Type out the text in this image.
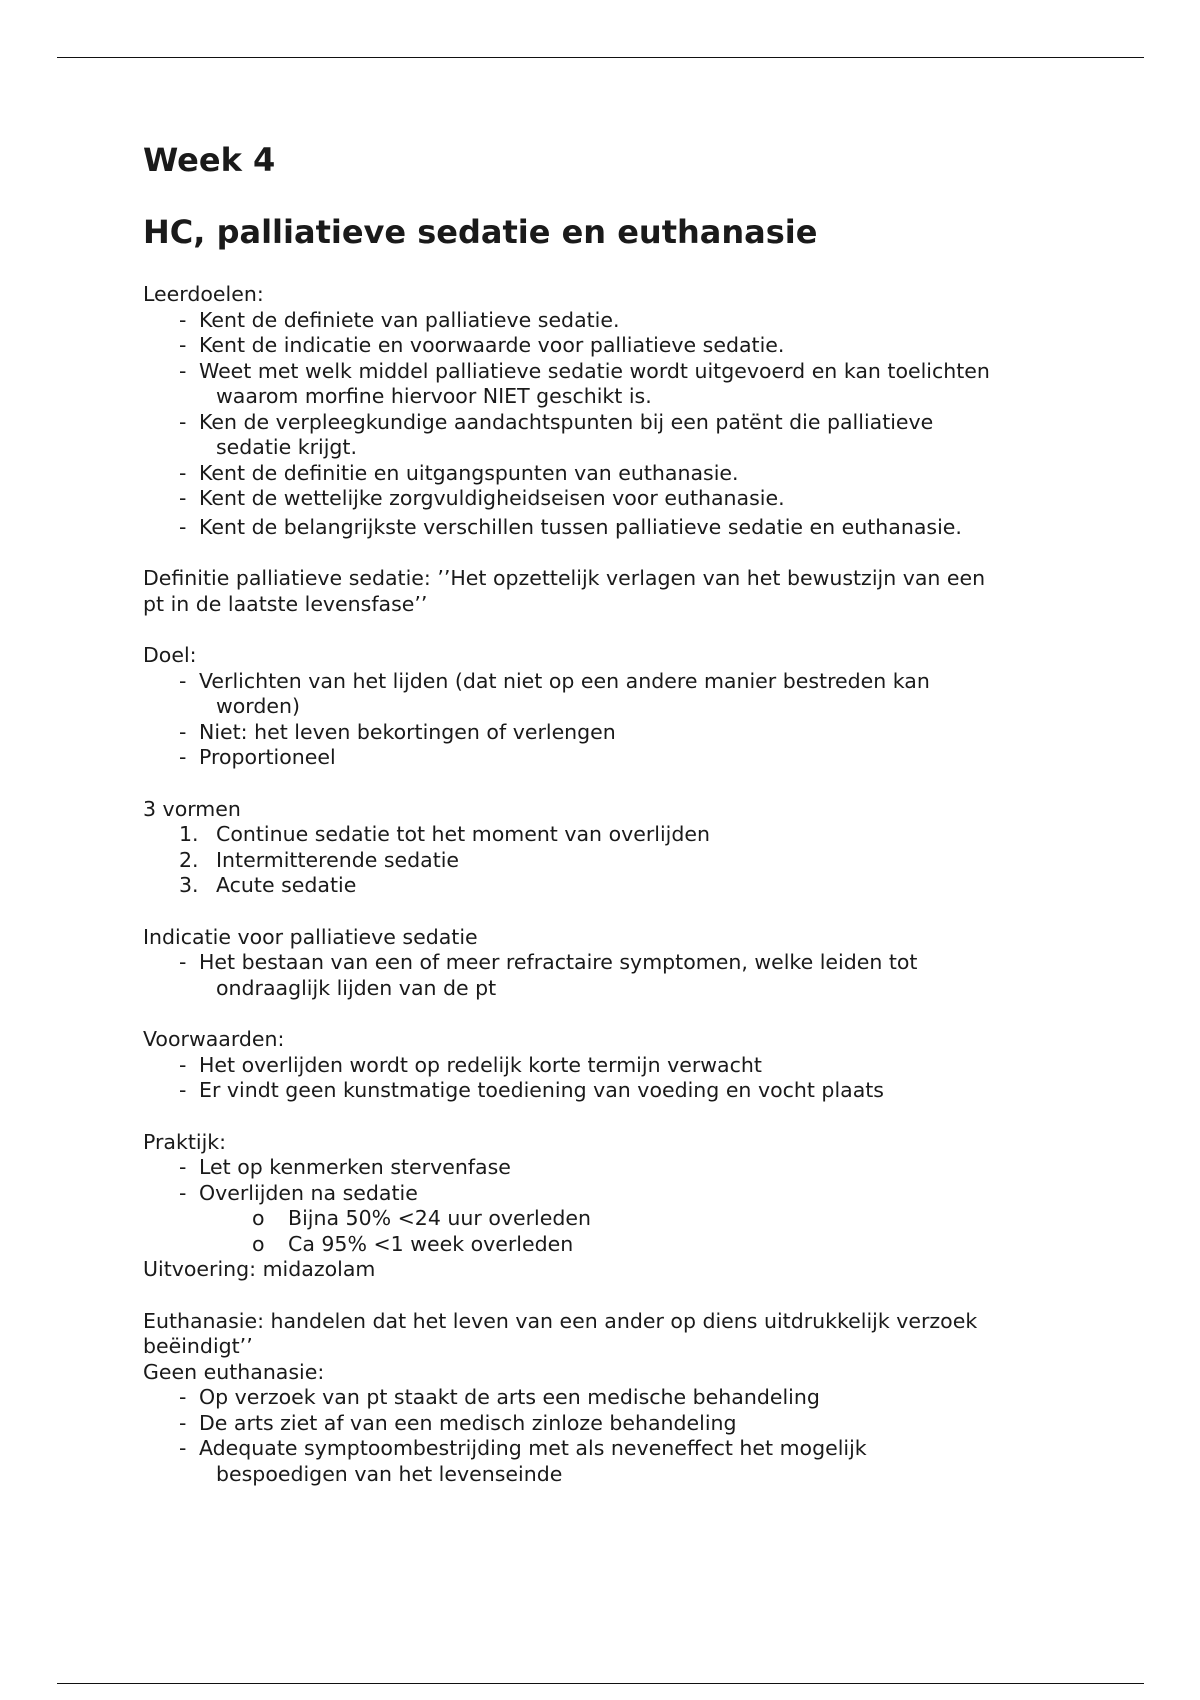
Week 4
HC, palliatieve sedatie en euthanasie

Leerdoelen:

- Kent de definiete van palliatieve sedatie.
- Kent de indicatie en voorwaarde voor palliatieve sedatie.
- Weet met welk middel palliatieve sedatie wordt uitgevoerd en kan toelichten
waarom morfine hiervoor NIET geschikt is.
- Ken de verpleegkundige aandachtspunten bij een patënt die palliatieve
sedatie krijgt.
- Kent de definitie en uitgangspunten van euthanasie.
- Kent de wettelijke zorgvuldigheidseisen voor euthanasie.
- Kent de belangrijkste verschillen tussen palliatieve sedatie en euthanasie.

Definitie palliatieve sedatie: ’’Het opzettelijk verlagen van het bewustzijn van een

pt in de laatste levensfase’’

Doel:

- Verlichten van het lijden (dat niet op een andere manier bestreden kan
worden)
- Niet: het leven bekortingen of verlengen
- Proportioneel

3 vormen

1. Continue sedatie tot het moment van overlijden
2. Intermitterende sedatie
3. Acute sedatie

Indicatie voor palliatieve sedatie

- Het bestaan van een of meer refractaire symptomen, welke leiden tot
ondraaglijk lijden van de pt

Voorwaarden:

- Het overlijden wordt op redelijk korte termijn verwacht
- Er vindt geen kunstmatige toediening van voeding en vocht plaats

Praktijk:

- Let op kenmerken stervenfase
- Overlijden na sedatie
o Bijna 50% <24 uur overleden
o Ca 95% <1 week overleden

Uitvoering: midazolam

Euthanasie: handelen dat het leven van een ander op diens uitdrukkelijk verzoek

beëindigt’’

Geen euthanasie:

- Op verzoek van pt staakt de arts een medische behandeling
- De arts ziet af van een medisch zinloze behandeling
- Adequate symptoombestrijding met als neveneffect het mogelijk
bespoedigen van het levenseinde
